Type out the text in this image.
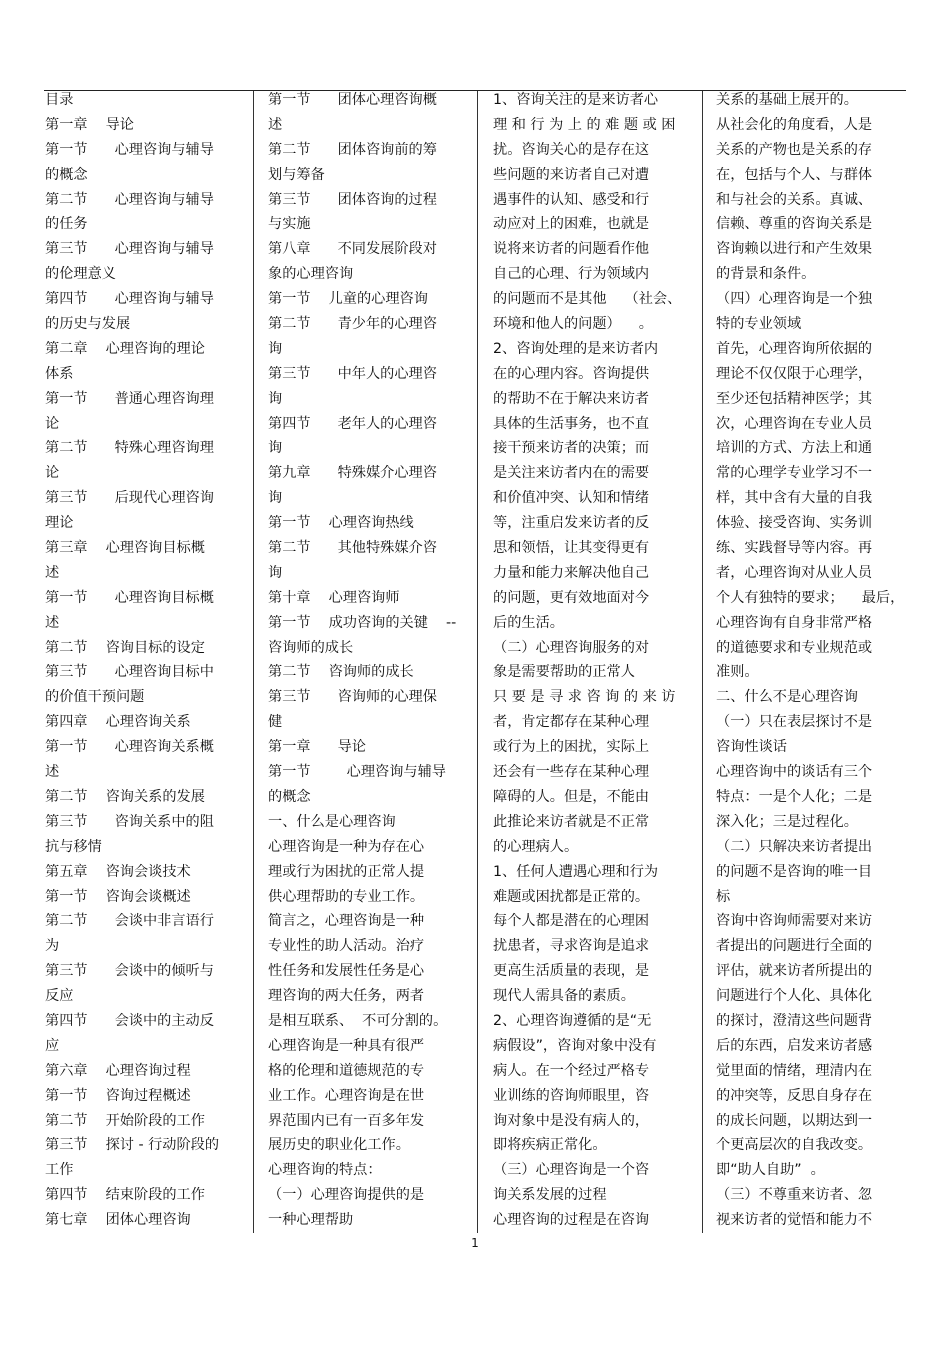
目录
第一章    导论
第一节      心理咨询与辅导
的概念
第二节      心理咨询与辅导
的任务
第三节      心理咨询与辅导
的伦理意义
第四节      心理咨询与辅导
的历史与发展
第二章    心理咨询的理论
体系
第一节      普通心理咨询理
论
第二节      特殊心理咨询理
论
第三节      后现代心理咨询
理论
第三章    心理咨询目标概
述
第一节      心理咨询目标概
述
第二节    咨询目标的设定
第三节      心理咨询目标中
的价值干预问题
第四章    心理咨询关系
第一节      心理咨询关系概
述
第二节    咨询关系的发展
第三节      咨询关系中的阻
抗与移情
第五章    咨询会谈技术
第一节    咨询会谈概述
第二节      会谈中非言语行
为
第三节      会谈中的倾听与
反应
第四节      会谈中的主动反
应
第六章    心理咨询过程
第一节    咨询过程概述
第二节    开始阶段的工作
第三节    探讨 - 行动阶段的
工作
第四节    结束阶段的工作
第七章    团体心理咨询
第一节      团体心理咨询概
述
第二节      团体咨询前的筹
划与筹备
第三节      团体咨询的过程
与实施
第八章      不同发展阶段对
象的心理咨询
第一节    儿童的心理咨询
第二节      青少年的心理咨
询
第三节      中年人的心理咨
询
第四节      老年人的心理咨
询
第九章      特殊媒介心理咨
询
第一节    心理咨询热线
第二节      其他特殊媒介咨
询
第十章    心理咨询师
第一节    成功咨询的关键    --
咨询师的成长
第二节    咨询师的成长
第三节      咨询师的心理保
健
第一章      导论
第一节        心理咨询与辅导
的概念
一、什么是心理咨询
心理咨询是一种为存在心
理或行为困扰的正常人提
供心理帮助的专业工作。
简言之，心理咨询是一种
专业性的助人活动。治疗
性任务和发展性任务是心
理咨询的两大任务，两者
是相互联系、  不可分割的。
心理咨询是一种具有很严
格的伦理和道德规范的专
业工作。心理咨询是在世
界范围内已有一百多年发
展历史的职业化工作。
心理咨询的特点：
（一）心理咨询提供的是
一种心理帮助
1、咨询关注的是来访者心
理 和 行 为 上 的 难 题 或 困
扰。咨询关心的是存在这
些问题的来访者自己对遭
遇事件的认知、感受和行
动应对上的困难，也就是
说将来访者的问题看作他
自己的心理、行为领域内
的问题而不是其他    （社会、
环境和他人的问题）    。
2、咨询处理的是来访者内
在的心理内容。咨询提供
的帮助不在于解决来访者
具体的生活事务，也不直
接干预来访者的决策；而
是关注来访者内在的需要
和价值冲突、认知和情绪
等，注重启发来访者的反
思和领悟，让其变得更有
力量和能力来解决他自己
的问题，更有效地面对今
后的生活。
（二）心理咨询服务的对
象是需要帮助的正常人
只 要 是 寻 求 咨 询 的 来 访
者，肯定都存在某种心理
或行为上的困扰，实际上
还会有一些存在某种心理
障碍的人。但是，不能由
此推论来访者就是不正常
的心理病人。
1、任何人遭遇心理和行为
难题或困扰都是正常的。
每个人都是潜在的心理困
扰患者，寻求咨询是追求
更高生活质量的表现，是
现代人需具备的素质。
2、心理咨询遵循的是“无
病假设”，咨询对象中没有
病人。在一个经过严格专
业训练的咨询师眼里，咨
询对象中是没有病人的，
即将疾病正常化。
（三）心理咨询是一个咨
询关系发展的过程
心理咨询的过程是在咨询
关系的基础上展开的。
从社会化的角度看，人是
关系的产物也是关系的存
在，包括与个人、与群体
和与社会的关系。真诚、
信赖、尊重的咨询关系是
咨询赖以进行和产生效果
的背景和条件。
（四）心理咨询是一个独
特的专业领域
首先，心理咨询所依据的
理论不仅仅限于心理学，
至少还包括精神医学；其
次，心理咨询在专业人员
培训的方式、方法上和通
常的心理学专业学习不一
样，其中含有大量的自我
体验、接受咨询、实务训
练、实践督导等内容。再
者，心理咨询对从业人员
个人有独特的要求；    最后，
心理咨询有自身非常严格
的道德要求和专业规范或
准则。
二、什么不是心理咨询
（一）只在表层探讨不是
咨询性谈话
心理咨询中的谈话有三个
特点：一是个人化；二是
深入化；三是过程化。
（二）只解决来访者提出
的问题不是咨询的唯一目
标
咨询中咨询师需要对来访
者提出的问题进行全面的
评估，就来访者所提出的
问题进行个人化、具体化
的探讨，澄清这些问题背
后的东西，启发来访者感
觉里面的情绪，理清内在
的冲突等，反思自身存在
的成长问题，以期达到一
个更高层次的自我改变。
即“助人自助”  。
（三）不尊重来访者、忽
视来访者的觉悟和能力不
1
